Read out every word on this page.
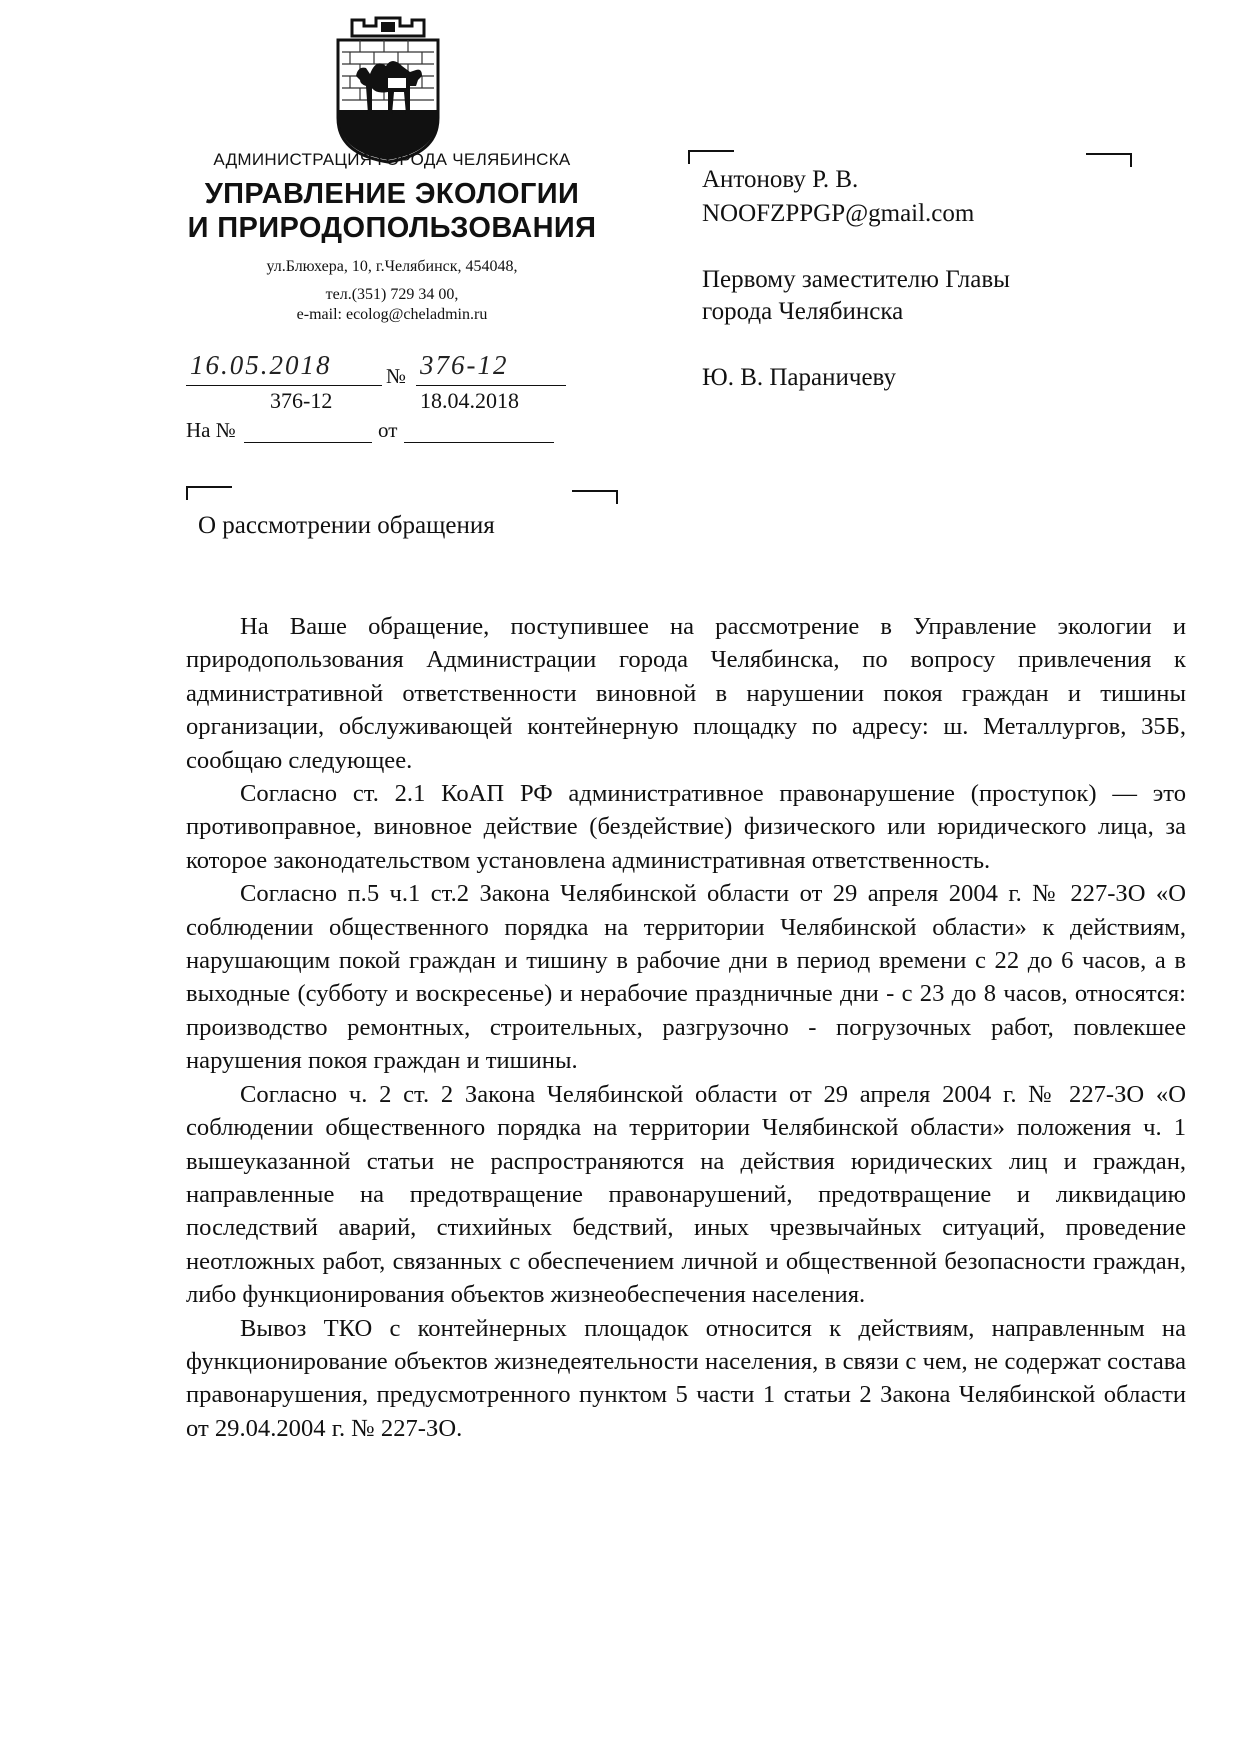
АДМИНИСТРАЦИЯ ГОРОДА ЧЕЛЯБИНСКА
УПРАВЛЕНИЕ ЭКОЛОГИИ
И ПРИРОДОПОЛЬЗОВАНИЯ
ул.Блюхера, 10, г.Челябинск, 454048,
тел.(351) 729 34 00,
e-mail: ecolog@cheladmin.ru
16.05.2018	№ 376-12
376-12	18.04.2018
На №	от
Антонову Р. В.
NOOFZPPGP@gmail.com
Первому заместителю Главы
города Челябинска
Ю. В. Параничеву
О рассмотрении обращения

На Ваше обращение, поступившее на рассмотрение в Управление экологии и природопользования Администрации города Челябинска, по вопросу привлечения к административной ответственности виновной в нарушении покоя граждан и тишины организации, обслуживающей контейнерную площадку по адресу: ш. Металлургов, 35Б, сообщаю следующее.

Согласно ст. 2.1 КоАП РФ административное правонарушение (проступок) — это противоправное, виновное действие (бездействие) физического или юридического лица, за которое законодательством установлена административная ответственность.

Согласно п.5 ч.1 ст.2 Закона Челябинской области от 29 апреля 2004 г. № 227-ЗО «О соблюдении общественного порядка на территории Челябинской области» к действиям, нарушающим покой граждан и тишину в рабочие дни в период времени с 22 до 6 часов, а в выходные (субботу и воскресенье) и нерабочие праздничные дни - с 23 до 8 часов, относятся: производство ремонтных, строительных, разгрузочно - погрузочных работ, повлекшее нарушения покоя граждан и тишины.

Согласно ч. 2 ст. 2 Закона Челябинской области от 29 апреля 2004 г. № 227-ЗО «О соблюдении общественного порядка на территории Челябинской области» положения ч. 1 вышеуказанной статьи не распространяются на действия юридических лиц и граждан, направленные на предотвращение правонарушений, предотвращение и ликвидацию последствий аварий, стихийных бедствий, иных чрезвычайных ситуаций, проведение неотложных работ, связанных с обеспечением личной и общественной безопасности граждан, либо функционирования объектов жизнеобеспечения населения.

Вывоз ТКО с контейнерных площадок относится к действиям, направленным на функционирование объектов жизнедеятельности населения, в связи с чем, не содержат состава правонарушения, предусмотренного пунктом 5 части 1 статьи 2 Закона Челябинской области от 29.04.2004 г. № 227-ЗО.
